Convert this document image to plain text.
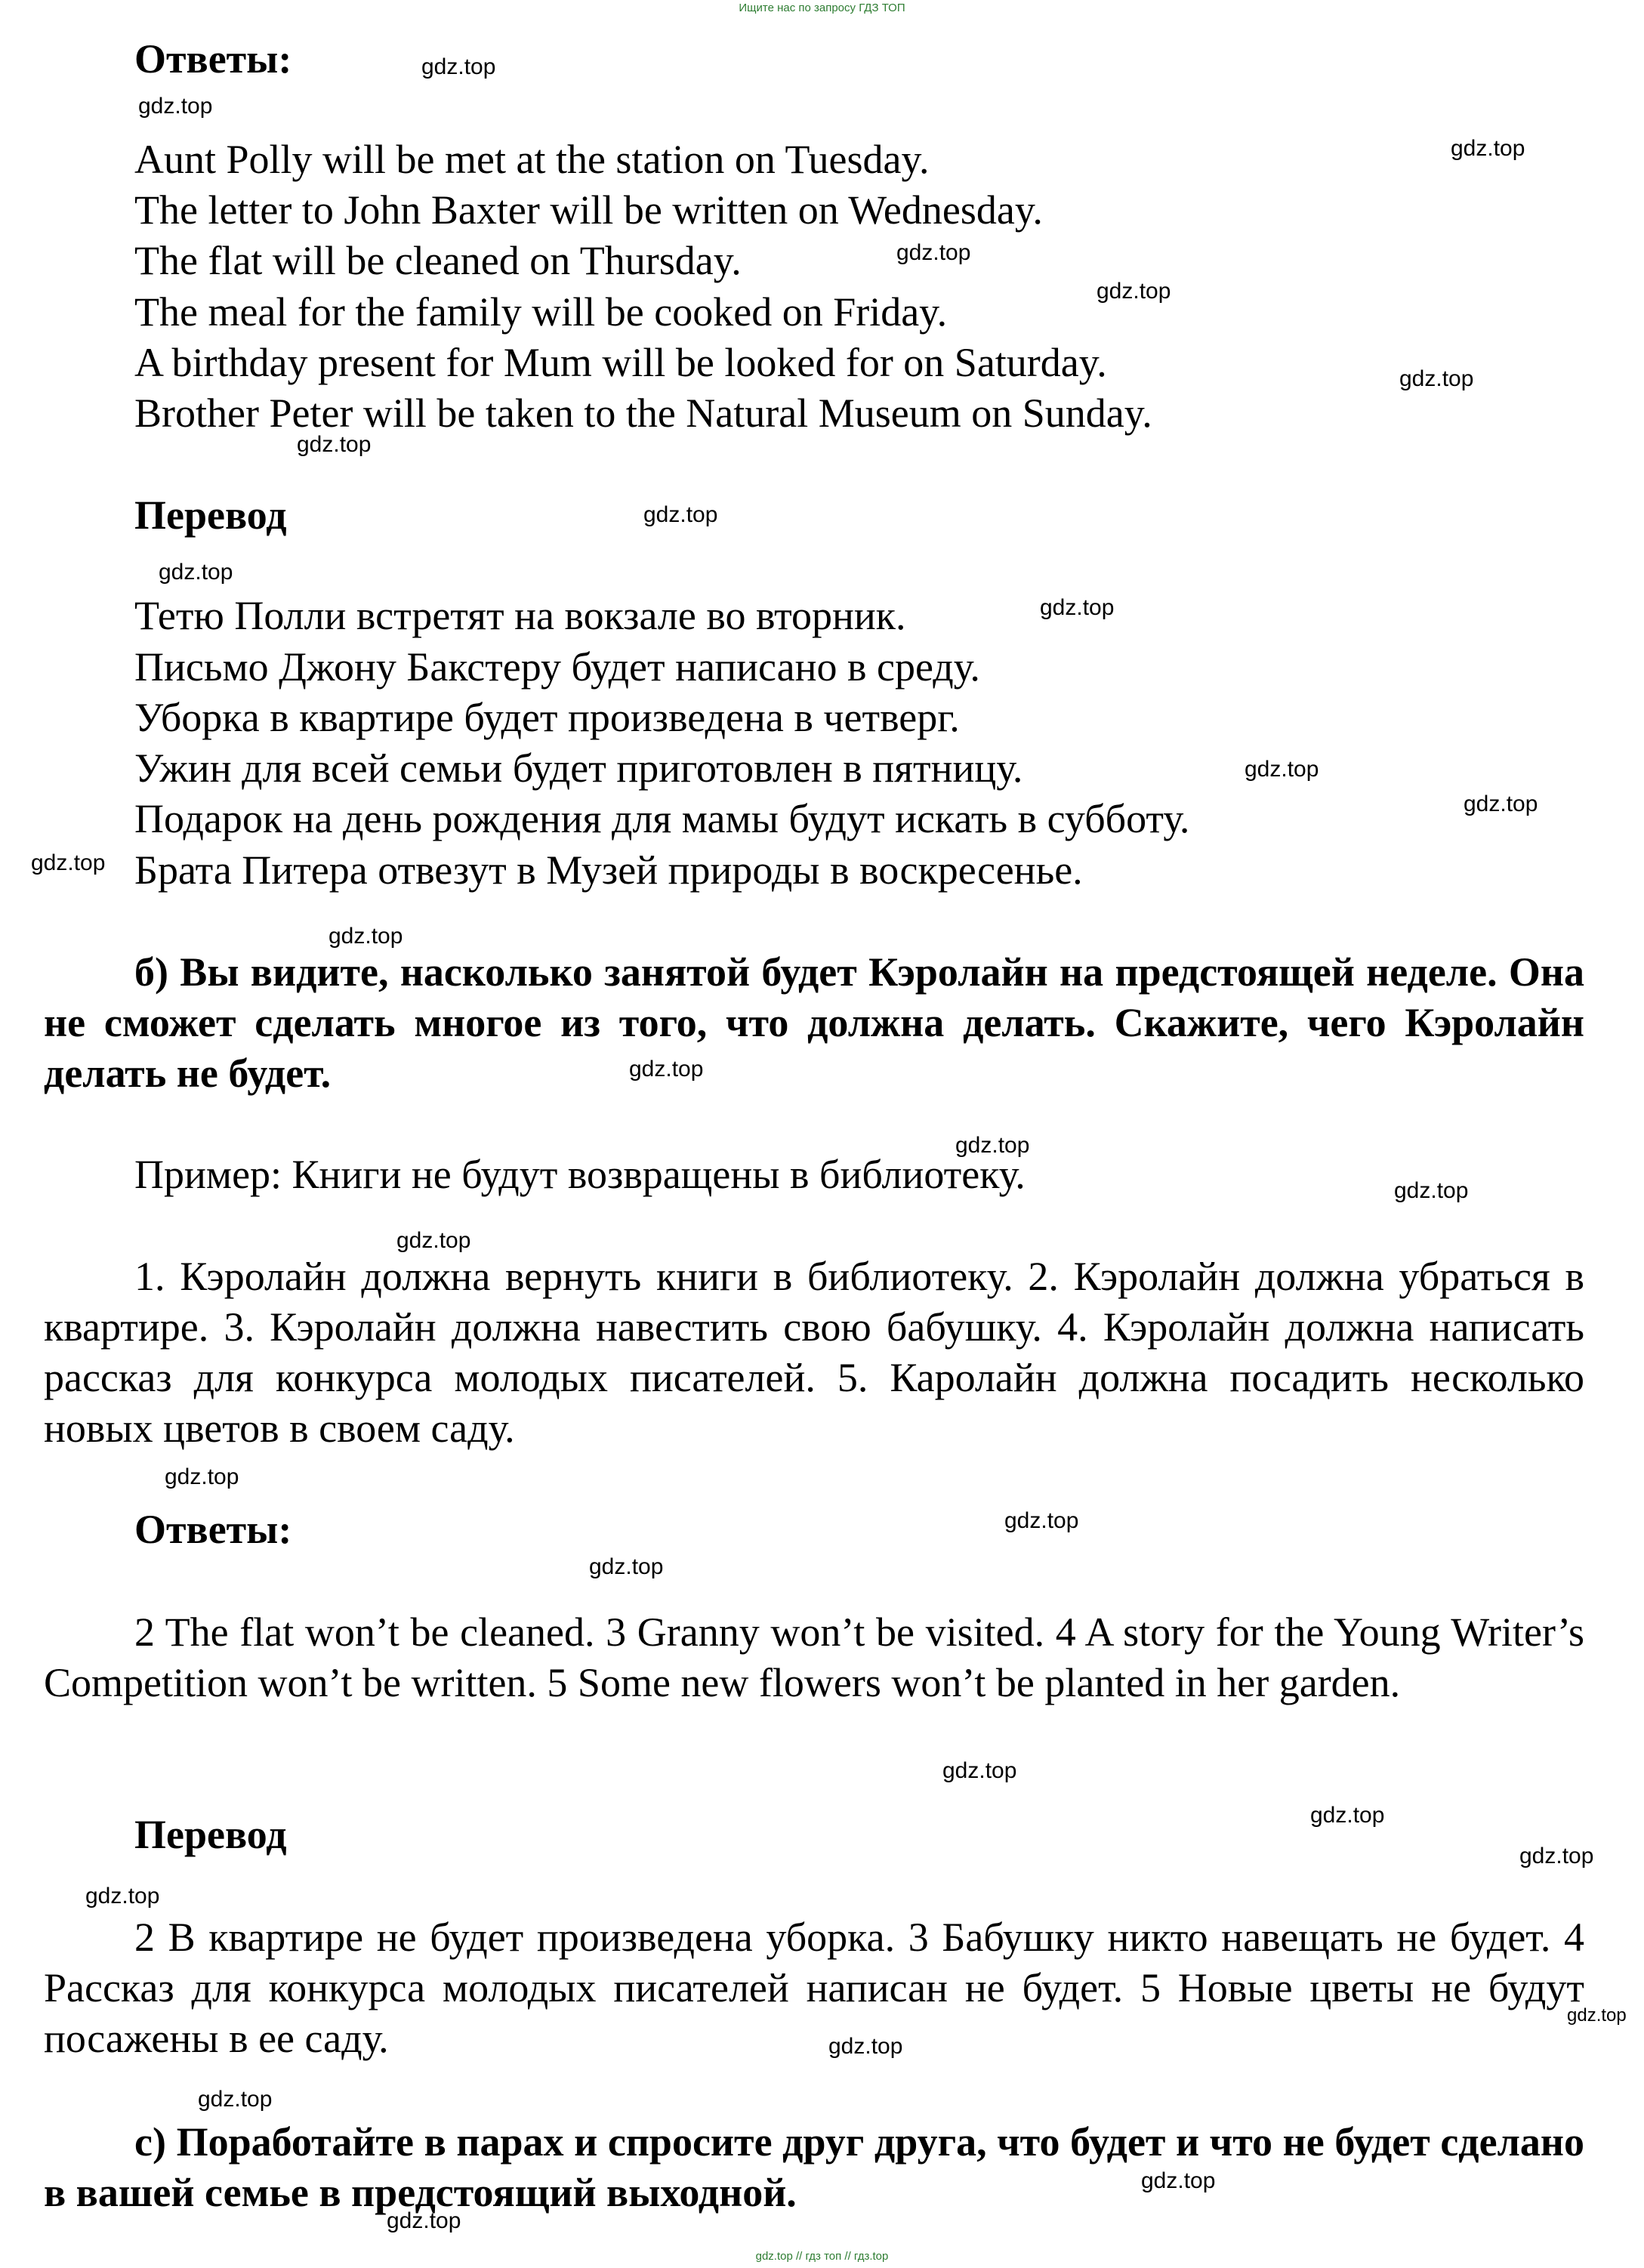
Ищите нас по запросу ГДЗ ТОП
Ответы:
Aunt Polly will be met at the station on Tuesday.
The letter to John Baxter will be written on Wednesday.
The flat will be cleaned on Thursday.
The meal for the family will be cooked on Friday.
A birthday present for Mum will be looked for on Saturday.
Brother Peter will be taken to the Natural Museum on Sunday.
Перевод
Тетю Полли встретят на вокзале во вторник.
Письмо Джону Бакстеру будет написано в среду.
Уборка в квартире будет произведена в четверг.
Ужин для всей семьи будет приготовлен в пятницу.
Подарок на день рождения для мамы будут искать в субботу.
Брата Питера отвезут в Музей природы в воскресенье.
б) Вы видите, насколько занятой будет Кэролайн на предстоящей неделе. Она не сможет сделать многое из того, что должна делать. Скажите, чего Кэролайн делать не будет.
Пример: Книги не будут возвращены в библиотеку.
1. Кэролайн должна вернуть книги в библиотеку. 2. Кэролайн должна убраться в квартире. 3. Кэролайн должна навестить свою бабушку. 4. Кэролайн должна написать рассказ для конкурса молодых писателей. 5. Каролайн должна посадить несколько новых цветов в своем саду.
Ответы:
2 The flat won’t be cleaned. 3 Granny won’t be visited. 4 A story for the Young Writer’s Competition won’t be written. 5 Some new flowers won’t be planted in her garden.
Перевод
2 В квартире не будет произведена уборка. 3 Бабушку никто навещать не будет. 4 Рассказ для конкурса молодых писателей написан не будет. 5 Новые цветы не будут посажены в ее саду.
с) Поработайте в парах и спросите друг друга, что будет и что не будет сделано в вашей семье в предстоящий выходной.
gdz.top
gdz.top
gdz.top
gdz.top
gdz.top
gdz.top
gdz.top
gdz.top
gdz.top
gdz.top
gdz.top
gdz.top
gdz.top
gdz.top
gdz.top
gdz.top
gdz.top
gdz.top
gdz.top
gdz.top
gdz.top
gdz.top
gdz.top
gdz.top
gdz.top
gdz.top
gdz.top
gdz.top
gdz.top
gdz.top
gdz.top // гдз топ // гдз.top
